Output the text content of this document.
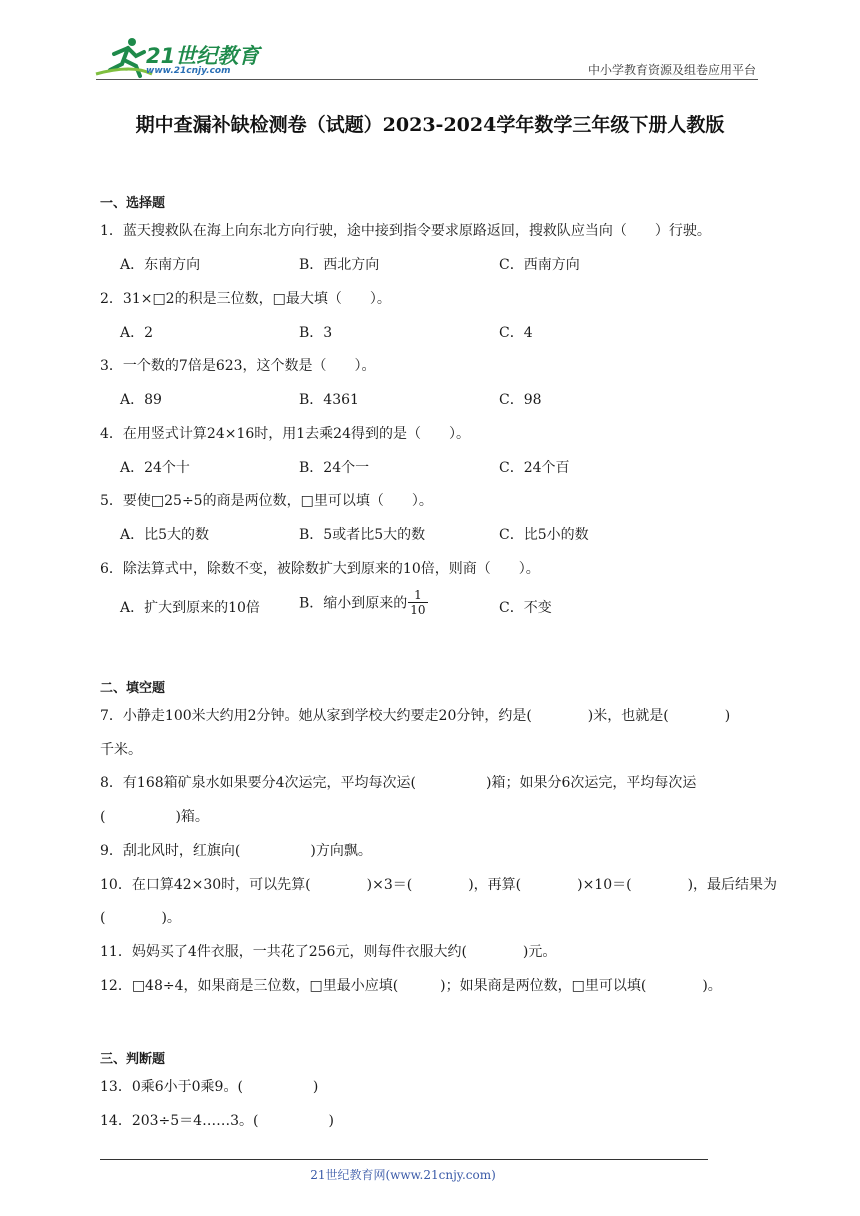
21世纪教育
www.21cnjy.com	中小学教育资源及组卷应用平台
期中查漏补缺检测卷（试题）2023-2024学年数学三年级下册人教版
一、选择题
1．蓝天搜救队在海上向东北方向行驶，途中接到指令要求原路返回，搜救队应当向（　　）行驶。
A．东南方向	B．西北方向	C．西南方向
2．31×□2的积是三位数，□最大填（　　）。
A．2	B．3	C．4
3．一个数的7倍是623，这个数是（　　）。
A．89	B．4361	C．98
4．在用竖式计算24×16时，用1去乘24得到的是（　　）。
A．24个十	B．24个一	C．24个百
5．要使□25÷5的商是两位数，□里可以填（　　）。
A．比5大的数	B．5或者比5大的数	C．比5小的数
6．除法算式中，除数不变，被除数扩大到原来的10倍，则商（　　）。
A．扩大到原来的10倍	B．缩小到原来的 $\frac{1}{10}$	C．不变
二、填空题
7．小静走100米大约用2分钟。她从家到学校大约要走20分钟，约是(　　　　)米，也就是(　　　　)
千米。
8．有168箱矿泉水如果要分4次运完，平均每次运(　　　　　)箱；如果分6次运完，平均每次运
(　　　　　)箱。
9．刮北风时，红旗向(　　　　　)方向飘。
10．在口算42×30时，可以先算(　　　　)×3＝(　　　　)，再算(　　　　)×10＝(　　　　)，最后结果为
(　　　　)。
11．妈妈买了4件衣服，一共花了256元，则每件衣服大约(　　　　)元。
12．□48÷4，如果商是三位数，□里最小应填(　　　)；如果商是两位数，□里可以填(　　　　)。
三、判断题
13．0乘6小于0乘9。(　　　　　)
14．203÷5＝4……3。(　　　　　)
21世纪教育网(www.21cnjy.com)
